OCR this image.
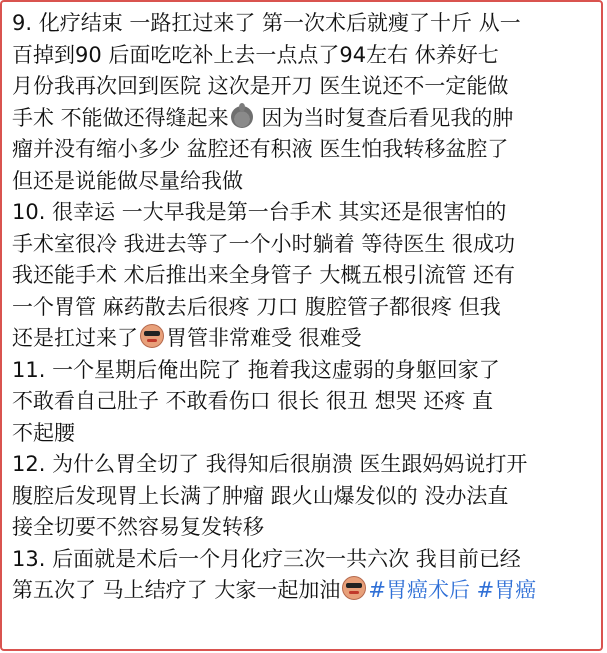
9. 化疗结束 一路扛过来了 第一次术后就瘦了十斤 从一
百掉到90 后面吃吃补上去一点点了94左右 休养好七
月份我再次回到医院 这次是开刀 医生说还不一定能做
手术 不能做还得缝起来 因为当时复查后看见我的肿
瘤并没有缩小多少 盆腔还有积液 医生怕我转移盆腔了
但还是说能做尽量给我做
10. 很幸运 一大早我是第一台手术 其实还是很害怕的
手术室很冷 我进去等了一个小时躺着 等待医生 很成功
我还能手术 术后推出来全身管子 大概五根引流管 还有
一个胃管 麻药散去后很疼 刀口 腹腔管子都很疼 但我
还是扛过来了 胃管非常难受 很难受
11. 一个星期后俺出院了 拖着我这虚弱的身躯回家了
不敢看自己肚子 不敢看伤口 很长 很丑 想哭 还疼 直
不起腰
12. 为什么胃全切了 我得知后很崩溃 医生跟妈妈说打开
腹腔后发现胃上长满了肿瘤 跟火山爆发似的 没办法直
接全切要不然容易复发转移
13. 后面就是术后一个月化疗三次一共六次 我目前已经
第五次了 马上结疗了 大家一起加油 #胃癌术后 #胃癌
